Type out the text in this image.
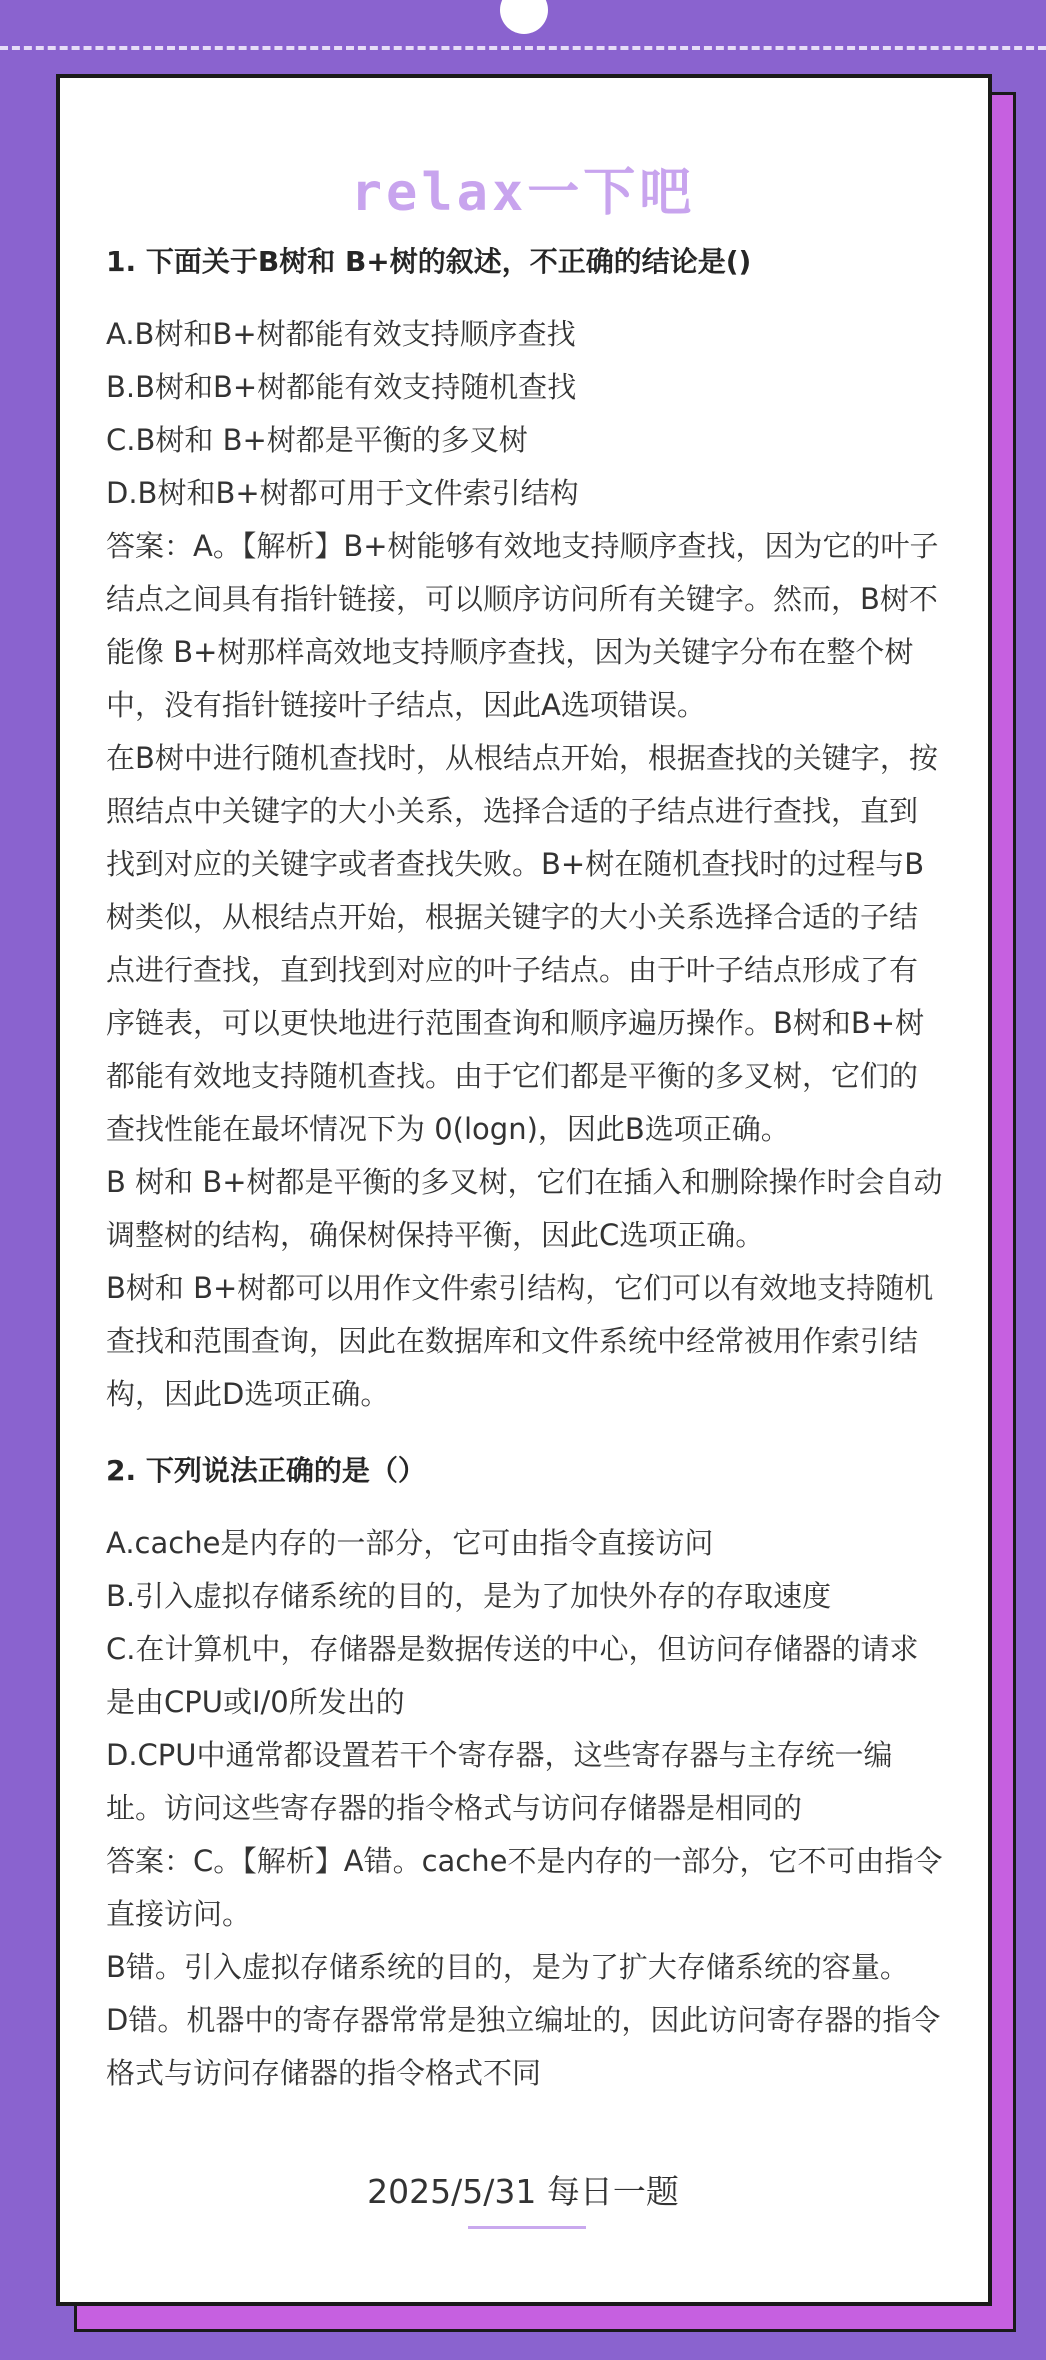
relax一下吧

1. 下面关于B树和 B+树的叙述，不正确的结论是()

A.B树和B+树都能有效支持顺序查找

B.B树和B+树都能有效支持随机查找

C.B树和 B+树都是平衡的多叉树

D.B树和B+树都可用于文件索引结构

答案：A。【解析】B+树能够有效地支持顺序查找，因为它的叶子结点之间具有指针链接，可以顺序访问所有关键字。然而，B树不能像 B+树那样高效地支持顺序查找，因为关键字分布在整个树中，没有指针链接叶子结点，因此A选项错误。

在B树中进行随机查找时，从根结点开始，根据查找的关键字，按照结点中关键字的大小关系，选择合适的子结点进行查找，直到找到对应的关键字或者查找失败。B+树在随机查找时的过程与B树类似，从根结点开始，根据关键字的大小关系选择合适的子结点进行查找，直到找到对应的叶子结点。由于叶子结点形成了有序链表，可以更快地进行范围查询和顺序遍历操作。B树和B+树都能有效地支持随机查找。由于它们都是平衡的多叉树，它们的查找性能在最坏情况下为 0(logn)，因此B选项正确。

B 树和 B+树都是平衡的多叉树，它们在插入和删除操作时会自动调整树的结构，确保树保持平衡，因此C选项正确。

B树和 B+树都可以用作文件索引结构，它们可以有效地支持随机查找和范围查询，因此在数据库和文件系统中经常被用作索引结构，因此D选项正确。

2. 下列说法正确的是（）

A.cache是内存的一部分，它可由指令直接访问

B.引入虚拟存储系统的目的，是为了加快外存的存取速度

C.在计算机中，存储器是数据传送的中心，但访问存储器的请求是由CPU或I/0所发出的

D.CPU中通常都设置若干个寄存器，这些寄存器与主存统一编址。访问这些寄存器的指令格式与访问存储器是相同的

答案：C。【解析】A错。cache不是内存的一部分，它不可由指令直接访问。

B错。引入虚拟存储系统的目的，是为了扩大存储系统的容量。

D错。机器中的寄存器常常是独立编址的，因此访问寄存器的指令格式与访问存储器的指令格式不同

2025/5/31 每日一题
